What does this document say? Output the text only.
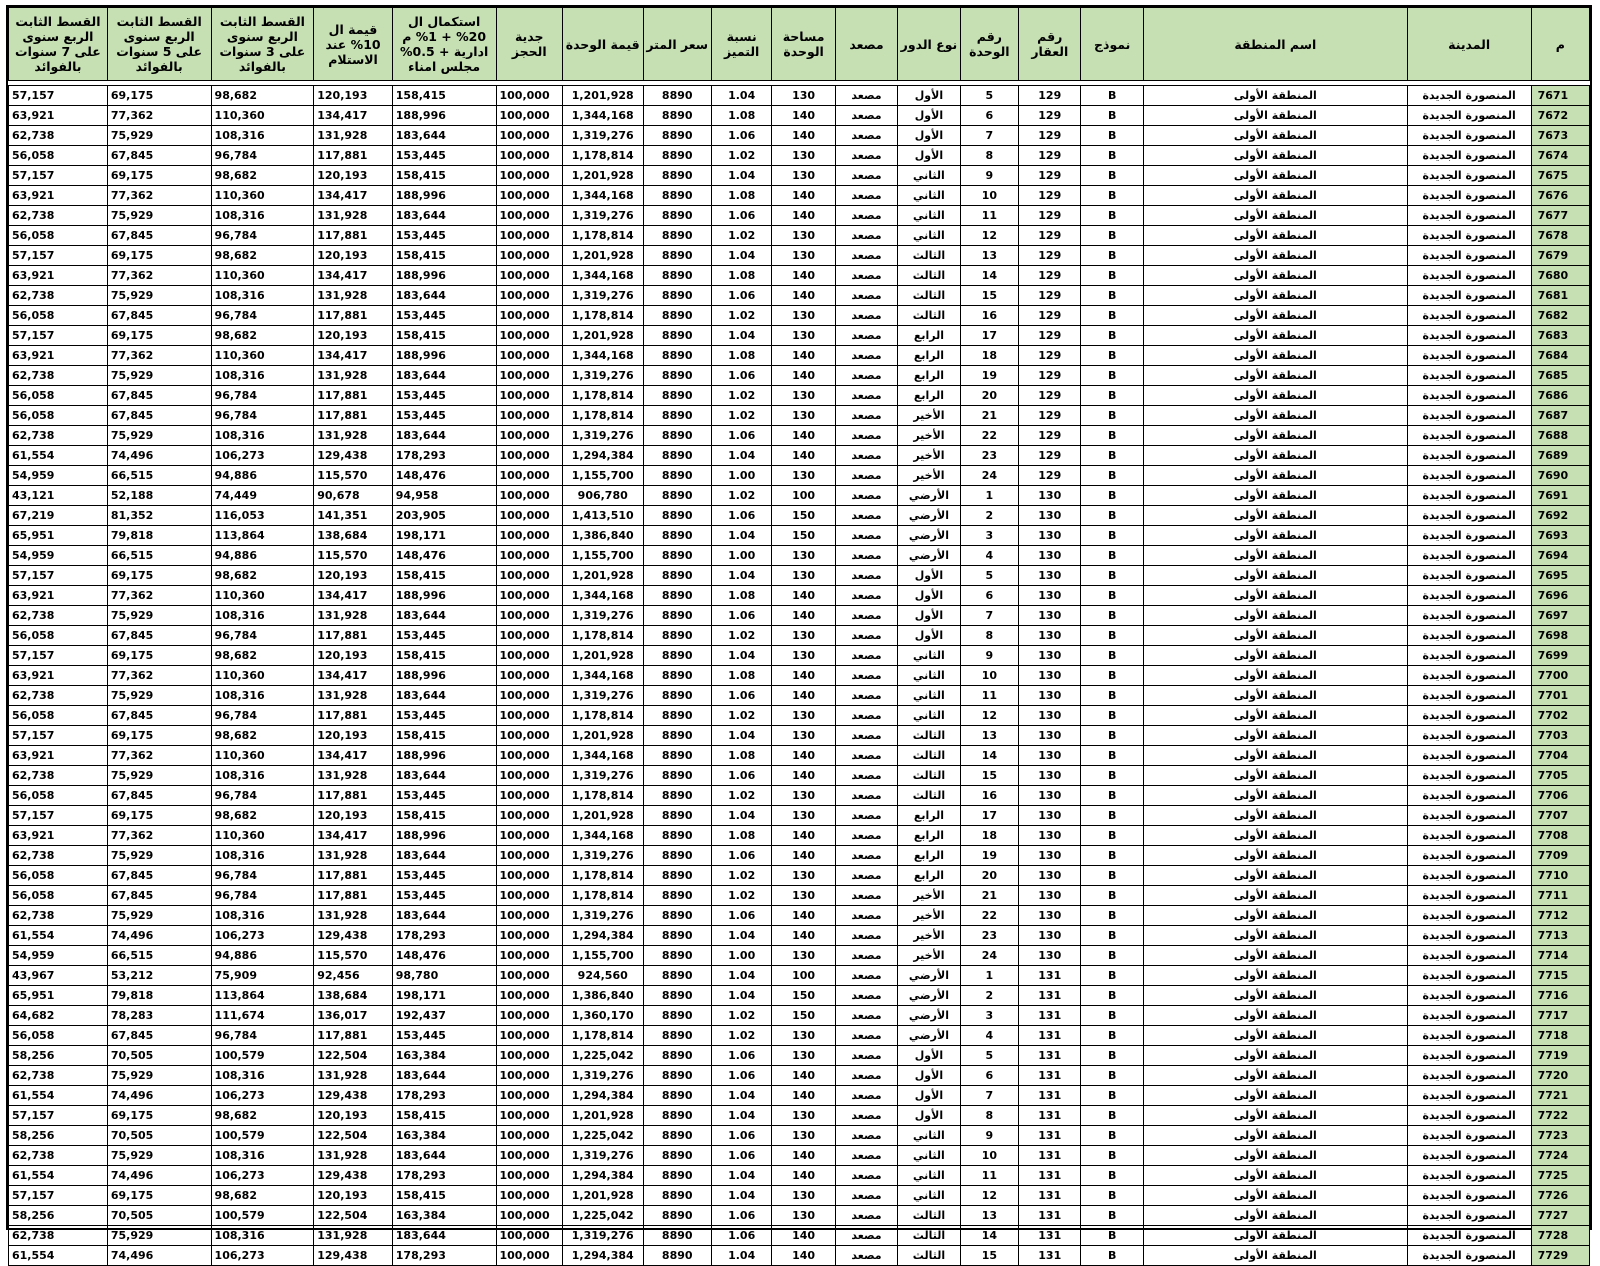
م	المدينة	اسم المنطقة	نموذج	رقم العقار	رقم الوحدة	نوع الدور	مصعد	مساحة الوحدة	نسبة التميز	سعر المتر	قيمة الوحدة	جدية الحجز	استكمال ال 20% + 1% م ادارية + 0.5% مجلس امناء	قيمة ال 10% عند الاستلام	القسط الثابت الربع سنوى على 3 سنوات بالفوائد	القسط الثابت الربع سنوى على 5 سنوات بالفوائد	القسط الثابت الربع سنوى على 7 سنوات بالفوائد

7671	المنصورة الجديدة	المنطقة الأولى	B	129	5	الأول	مصعد	130	1.04	8890	1,201,928	100,000	158,415	120,193	98,682	69,175	57,157
7672	المنصورة الجديدة	المنطقة الأولى	B	129	6	الأول	مصعد	140	1.08	8890	1,344,168	100,000	188,996	134,417	110,360	77,362	63,921
7673	المنصورة الجديدة	المنطقة الأولى	B	129	7	الأول	مصعد	140	1.06	8890	1,319,276	100,000	183,644	131,928	108,316	75,929	62,738
7674	المنصورة الجديدة	المنطقة الأولى	B	129	8	الأول	مصعد	130	1.02	8890	1,178,814	100,000	153,445	117,881	96,784	67,845	56,058
7675	المنصورة الجديدة	المنطقة الأولى	B	129	9	الثاني	مصعد	130	1.04	8890	1,201,928	100,000	158,415	120,193	98,682	69,175	57,157
7676	المنصورة الجديدة	المنطقة الأولى	B	129	10	الثاني	مصعد	140	1.08	8890	1,344,168	100,000	188,996	134,417	110,360	77,362	63,921
7677	المنصورة الجديدة	المنطقة الأولى	B	129	11	الثاني	مصعد	140	1.06	8890	1,319,276	100,000	183,644	131,928	108,316	75,929	62,738
7678	المنصورة الجديدة	المنطقة الأولى	B	129	12	الثاني	مصعد	130	1.02	8890	1,178,814	100,000	153,445	117,881	96,784	67,845	56,058
7679	المنصورة الجديدة	المنطقة الأولى	B	129	13	الثالث	مصعد	130	1.04	8890	1,201,928	100,000	158,415	120,193	98,682	69,175	57,157
7680	المنصورة الجديدة	المنطقة الأولى	B	129	14	الثالث	مصعد	140	1.08	8890	1,344,168	100,000	188,996	134,417	110,360	77,362	63,921
7681	المنصورة الجديدة	المنطقة الأولى	B	129	15	الثالث	مصعد	140	1.06	8890	1,319,276	100,000	183,644	131,928	108,316	75,929	62,738
7682	المنصورة الجديدة	المنطقة الأولى	B	129	16	الثالث	مصعد	130	1.02	8890	1,178,814	100,000	153,445	117,881	96,784	67,845	56,058
7683	المنصورة الجديدة	المنطقة الأولى	B	129	17	الرابع	مصعد	130	1.04	8890	1,201,928	100,000	158,415	120,193	98,682	69,175	57,157
7684	المنصورة الجديدة	المنطقة الأولى	B	129	18	الرابع	مصعد	140	1.08	8890	1,344,168	100,000	188,996	134,417	110,360	77,362	63,921
7685	المنصورة الجديدة	المنطقة الأولى	B	129	19	الرابع	مصعد	140	1.06	8890	1,319,276	100,000	183,644	131,928	108,316	75,929	62,738
7686	المنصورة الجديدة	المنطقة الأولى	B	129	20	الرابع	مصعد	130	1.02	8890	1,178,814	100,000	153,445	117,881	96,784	67,845	56,058
7687	المنصورة الجديدة	المنطقة الأولى	B	129	21	الأخير	مصعد	130	1.02	8890	1,178,814	100,000	153,445	117,881	96,784	67,845	56,058
7688	المنصورة الجديدة	المنطقة الأولى	B	129	22	الأخير	مصعد	140	1.06	8890	1,319,276	100,000	183,644	131,928	108,316	75,929	62,738
7689	المنصورة الجديدة	المنطقة الأولى	B	129	23	الأخير	مصعد	140	1.04	8890	1,294,384	100,000	178,293	129,438	106,273	74,496	61,554
7690	المنصورة الجديدة	المنطقة الأولى	B	129	24	الأخير	مصعد	130	1.00	8890	1,155,700	100,000	148,476	115,570	94,886	66,515	54,959
7691	المنصورة الجديدة	المنطقة الأولى	B	130	1	الأرضي	مصعد	100	1.02	8890	906,780	100,000	94,958	90,678	74,449	52,188	43,121
7692	المنصورة الجديدة	المنطقة الأولى	B	130	2	الأرضي	مصعد	150	1.06	8890	1,413,510	100,000	203,905	141,351	116,053	81,352	67,219
7693	المنصورة الجديدة	المنطقة الأولى	B	130	3	الأرضي	مصعد	150	1.04	8890	1,386,840	100,000	198,171	138,684	113,864	79,818	65,951
7694	المنصورة الجديدة	المنطقة الأولى	B	130	4	الأرضي	مصعد	130	1.00	8890	1,155,700	100,000	148,476	115,570	94,886	66,515	54,959
7695	المنصورة الجديدة	المنطقة الأولى	B	130	5	الأول	مصعد	130	1.04	8890	1,201,928	100,000	158,415	120,193	98,682	69,175	57,157
7696	المنصورة الجديدة	المنطقة الأولى	B	130	6	الأول	مصعد	140	1.08	8890	1,344,168	100,000	188,996	134,417	110,360	77,362	63,921
7697	المنصورة الجديدة	المنطقة الأولى	B	130	7	الأول	مصعد	140	1.06	8890	1,319,276	100,000	183,644	131,928	108,316	75,929	62,738
7698	المنصورة الجديدة	المنطقة الأولى	B	130	8	الأول	مصعد	130	1.02	8890	1,178,814	100,000	153,445	117,881	96,784	67,845	56,058
7699	المنصورة الجديدة	المنطقة الأولى	B	130	9	الثاني	مصعد	130	1.04	8890	1,201,928	100,000	158,415	120,193	98,682	69,175	57,157
7700	المنصورة الجديدة	المنطقة الأولى	B	130	10	الثاني	مصعد	140	1.08	8890	1,344,168	100,000	188,996	134,417	110,360	77,362	63,921
7701	المنصورة الجديدة	المنطقة الأولى	B	130	11	الثاني	مصعد	140	1.06	8890	1,319,276	100,000	183,644	131,928	108,316	75,929	62,738
7702	المنصورة الجديدة	المنطقة الأولى	B	130	12	الثاني	مصعد	130	1.02	8890	1,178,814	100,000	153,445	117,881	96,784	67,845	56,058
7703	المنصورة الجديدة	المنطقة الأولى	B	130	13	الثالث	مصعد	130	1.04	8890	1,201,928	100,000	158,415	120,193	98,682	69,175	57,157
7704	المنصورة الجديدة	المنطقة الأولى	B	130	14	الثالث	مصعد	140	1.08	8890	1,344,168	100,000	188,996	134,417	110,360	77,362	63,921
7705	المنصورة الجديدة	المنطقة الأولى	B	130	15	الثالث	مصعد	140	1.06	8890	1,319,276	100,000	183,644	131,928	108,316	75,929	62,738
7706	المنصورة الجديدة	المنطقة الأولى	B	130	16	الثالث	مصعد	130	1.02	8890	1,178,814	100,000	153,445	117,881	96,784	67,845	56,058
7707	المنصورة الجديدة	المنطقة الأولى	B	130	17	الرابع	مصعد	130	1.04	8890	1,201,928	100,000	158,415	120,193	98,682	69,175	57,157
7708	المنصورة الجديدة	المنطقة الأولى	B	130	18	الرابع	مصعد	140	1.08	8890	1,344,168	100,000	188,996	134,417	110,360	77,362	63,921
7709	المنصورة الجديدة	المنطقة الأولى	B	130	19	الرابع	مصعد	140	1.06	8890	1,319,276	100,000	183,644	131,928	108,316	75,929	62,738
7710	المنصورة الجديدة	المنطقة الأولى	B	130	20	الرابع	مصعد	130	1.02	8890	1,178,814	100,000	153,445	117,881	96,784	67,845	56,058
7711	المنصورة الجديدة	المنطقة الأولى	B	130	21	الأخير	مصعد	130	1.02	8890	1,178,814	100,000	153,445	117,881	96,784	67,845	56,058
7712	المنصورة الجديدة	المنطقة الأولى	B	130	22	الأخير	مصعد	140	1.06	8890	1,319,276	100,000	183,644	131,928	108,316	75,929	62,738
7713	المنصورة الجديدة	المنطقة الأولى	B	130	23	الأخير	مصعد	140	1.04	8890	1,294,384	100,000	178,293	129,438	106,273	74,496	61,554
7714	المنصورة الجديدة	المنطقة الأولى	B	130	24	الأخير	مصعد	130	1.00	8890	1,155,700	100,000	148,476	115,570	94,886	66,515	54,959
7715	المنصورة الجديدة	المنطقة الأولى	B	131	1	الأرضي	مصعد	100	1.04	8890	924,560	100,000	98,780	92,456	75,909	53,212	43,967
7716	المنصورة الجديدة	المنطقة الأولى	B	131	2	الأرضي	مصعد	150	1.04	8890	1,386,840	100,000	198,171	138,684	113,864	79,818	65,951
7717	المنصورة الجديدة	المنطقة الأولى	B	131	3	الأرضي	مصعد	150	1.02	8890	1,360,170	100,000	192,437	136,017	111,674	78,283	64,682
7718	المنصورة الجديدة	المنطقة الأولى	B	131	4	الأرضي	مصعد	130	1.02	8890	1,178,814	100,000	153,445	117,881	96,784	67,845	56,058
7719	المنصورة الجديدة	المنطقة الأولى	B	131	5	الأول	مصعد	130	1.06	8890	1,225,042	100,000	163,384	122,504	100,579	70,505	58,256
7720	المنصورة الجديدة	المنطقة الأولى	B	131	6	الأول	مصعد	140	1.06	8890	1,319,276	100,000	183,644	131,928	108,316	75,929	62,738
7721	المنصورة الجديدة	المنطقة الأولى	B	131	7	الأول	مصعد	140	1.04	8890	1,294,384	100,000	178,293	129,438	106,273	74,496	61,554
7722	المنصورة الجديدة	المنطقة الأولى	B	131	8	الأول	مصعد	130	1.04	8890	1,201,928	100,000	158,415	120,193	98,682	69,175	57,157
7723	المنصورة الجديدة	المنطقة الأولى	B	131	9	الثاني	مصعد	130	1.06	8890	1,225,042	100,000	163,384	122,504	100,579	70,505	58,256
7724	المنصورة الجديدة	المنطقة الأولى	B	131	10	الثاني	مصعد	140	1.06	8890	1,319,276	100,000	183,644	131,928	108,316	75,929	62,738
7725	المنصورة الجديدة	المنطقة الأولى	B	131	11	الثاني	مصعد	140	1.04	8890	1,294,384	100,000	178,293	129,438	106,273	74,496	61,554
7726	المنصورة الجديدة	المنطقة الأولى	B	131	12	الثاني	مصعد	130	1.04	8890	1,201,928	100,000	158,415	120,193	98,682	69,175	57,157
7727	المنصورة الجديدة	المنطقة الأولى	B	131	13	الثالث	مصعد	130	1.06	8890	1,225,042	100,000	163,384	122,504	100,579	70,505	58,256
7728	المنصورة الجديدة	المنطقة الأولى	B	131	14	الثالث	مصعد	140	1.06	8890	1,319,276	100,000	183,644	131,928	108,316	75,929	62,738
7729	المنصورة الجديدة	المنطقة الأولى	B	131	15	الثالث	مصعد	140	1.04	8890	1,294,384	100,000	178,293	129,438	106,273	74,496	61,554
